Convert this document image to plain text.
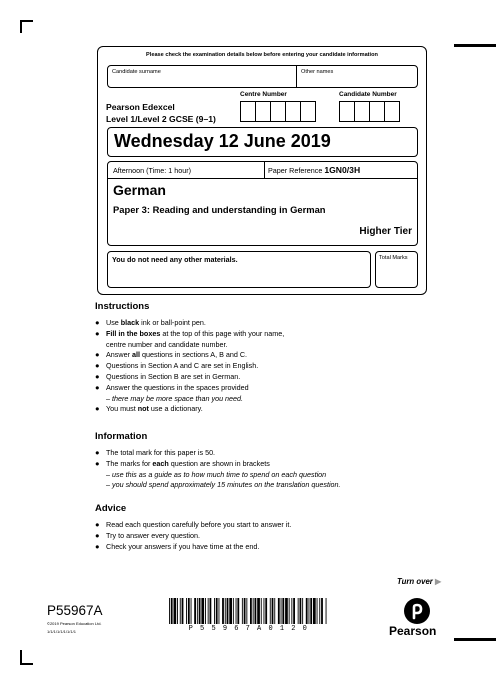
Please check the examination details below before entering your candidate information
Candidate surname	Other names
Pearson Edexcel
Level 1/Level 2 GCSE (9–1)
Centre Number	Candidate Number
Wednesday 12 June 2019
Afternoon (Time: 1 hour)	Paper Reference 1GN0/3H
German
Paper 3: Reading and understanding in German
Higher Tier
You do not need any other materials.	Total Marks
Instructions
● Use black ink or ball-point pen.
● Fill in the boxes at the top of this page with your name,
centre number and candidate number.
● Answer all questions in sections A, B and C.
● Questions in Section A and C are set in English.
● Questions in Section B are set in German.
● Answer the questions in the spaces provided
– there may be more space than you need.
● You must not use a dictionary.
Information
● The total mark for this paper is 50.
● The marks for each question are shown in brackets
– use this as a guide as to how much time to spend on each question
– you should spend approximately 15 minutes on the translation question.
Advice
● Read each question carefully before you start to answer it.
● Try to answer every question.
● Check your answers if you have time at the end.
Turn over ▶
P55967A
©2019 Pearson Education Ltd.
1/1/1/1/1/1/1/1/1	P 5 5 9 6 7 A 0 1 2 0	Pearson
